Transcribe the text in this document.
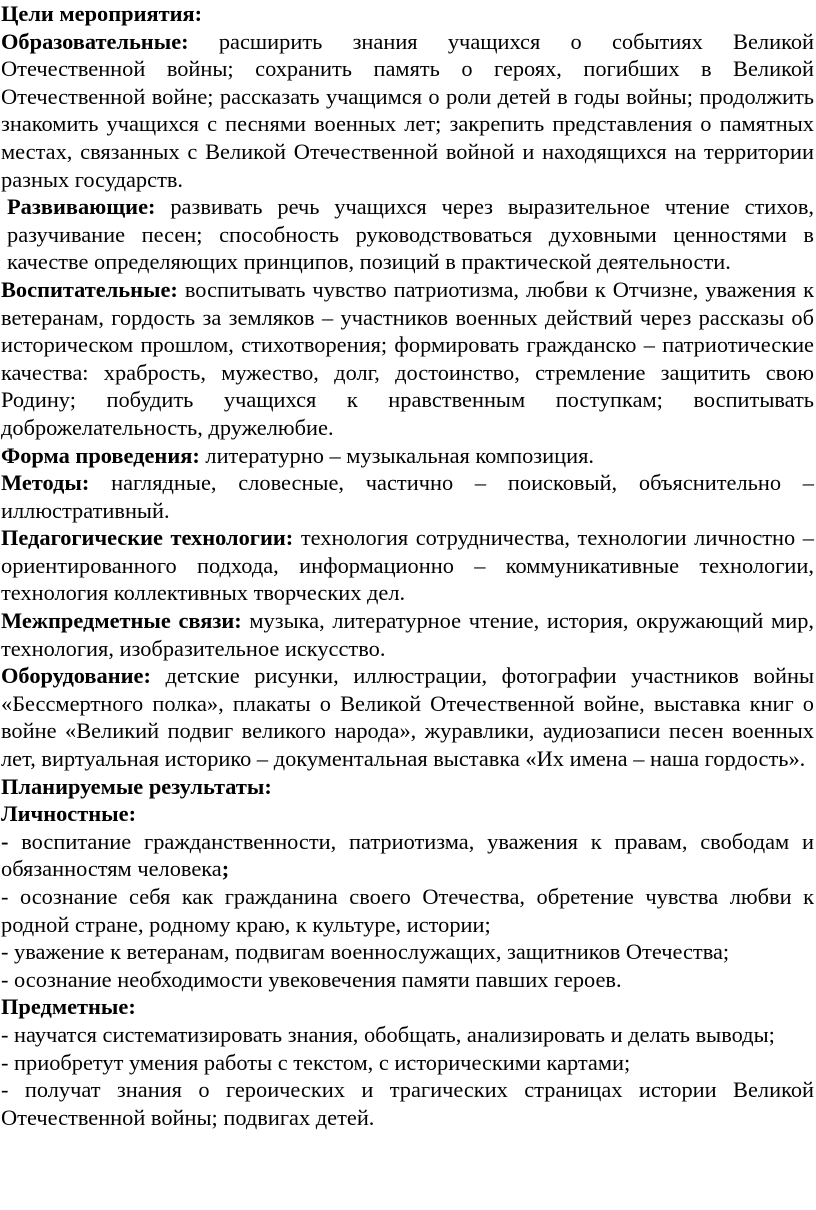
Цели мероприятия:

Образовательные: расширить знания учащихся о событиях Великой Отечественной войны; сохранить память о героях, погибших в Великой Отечественной войне; рассказать учащимся о роли детей в годы войны; продолжить знакомить учащихся с песнями военных лет; закрепить представления о памятных местах, связанных с Великой Отечественной войной и находящихся на территории разных государств.

Развивающие: развивать речь учащихся через выразительное чтение стихов, разучивание песен; способность руководствоваться духовными ценностями в качестве определяющих принципов, позиций в практической деятельности.

Воспитательные: воспитывать чувство патриотизма, любви к Отчизне, уважения к ветеранам, гордость за земляков – участников военных действий через рассказы об историческом прошлом, стихотворения; формировать гражданско – патриотические качества: храбрость, мужество, долг, достоинство, стремление защитить свою Родину; побудить учащихся к нравственным поступкам; воспитывать доброжелательность, дружелюбие.

Форма проведения: литературно – музыкальная композиция.

Методы: наглядные, словесные, частично – поисковый, объяснительно – иллюстративный.

Педагогические технологии: технология сотрудничества, технологии личностно – ориентированного подхода, информационно – коммуникативные технологии, технология коллективных творческих дел.

Межпредметные связи: музыка, литературное чтение, история, окружающий мир, технология, изобразительное искусство.

Оборудование: детские рисунки, иллюстрации, фотографии участников войны «Бессмертного полка», плакаты о Великой Отечественной войне, выставка книг о войне «Великий подвиг великого народа», журавлики, аудиозаписи песен военных лет, виртуальная историко – документальная выставка «Их имена – наша гордость».

Планируемые результаты:

Личностные:

- воспитание гражданственности, патриотизма, уважения к правам, свободам и обязанностям человека;

- осознание себя как гражданина своего Отечества, обретение чувства любви к родной стране, родному краю, к культуре, истории;

- уважение к ветеранам, подвигам военнослужащих, защитников Отечества;

- осознание необходимости увековечения памяти павших героев.

Предметные:

- научатся систематизировать знания, обобщать, анализировать и делать выводы;

- приобретут умения работы с текстом, с историческими картами;

- получат знания о героических и трагических страницах истории Великой Отечественной войны; подвигах детей.
